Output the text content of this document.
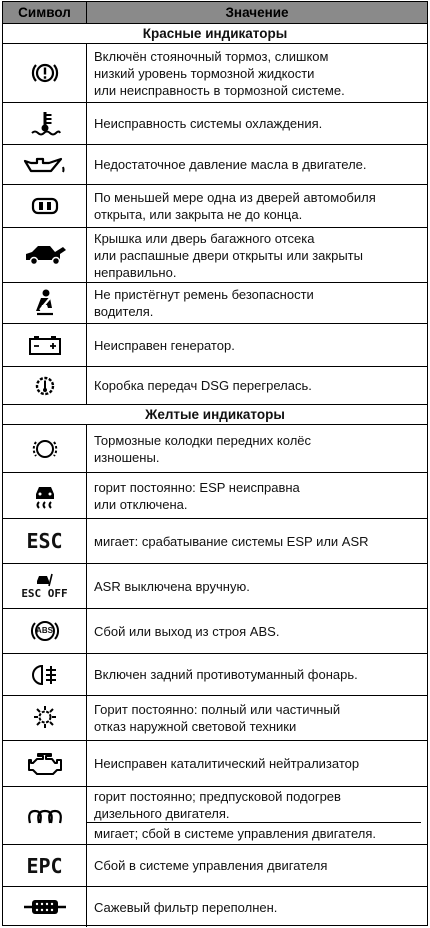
Символ	Значение
Красные индикаторы
Включён стояночный тормоз, слишком
низкий уровень тормозной жидкости
или неисправность в тормозной системе.
Неисправность системы охлаждения.
Недостаточное давление масла в двигателе.
По меньшей мере одна из дверей автомобиля
открыта, или закрыта не до конца.
Крышка или дверь багажного отсека
или распашные двери открыты или закрыты
неправильно.
Не пристёгнут ремень безопасности
водителя.
Неисправен генератор.
Коробка передач DSG перегрелась.
Желтые индикаторы
Тормозные колодки передних колёс
изношены.
горит постоянно: ESP неисправна
или отключена.
ESC мигает: срабатывание системы ESP или ASR
ESC OFF ASR выключена вручную.
ABS	Сбой или выход из строя ABS.
Включен задний противотуманный фонарь.
Горит постоянно: полный или частичный
отказ наружной световой техники
Неисправен каталитический нейтрализатор
горит постоянно; предпусковой подогрев
дизельного двигателя.
мигает; сбой в системе управления двигателя.
EPC Сбой в системе управления двигателя
Сажевый фильтр переполнен.
